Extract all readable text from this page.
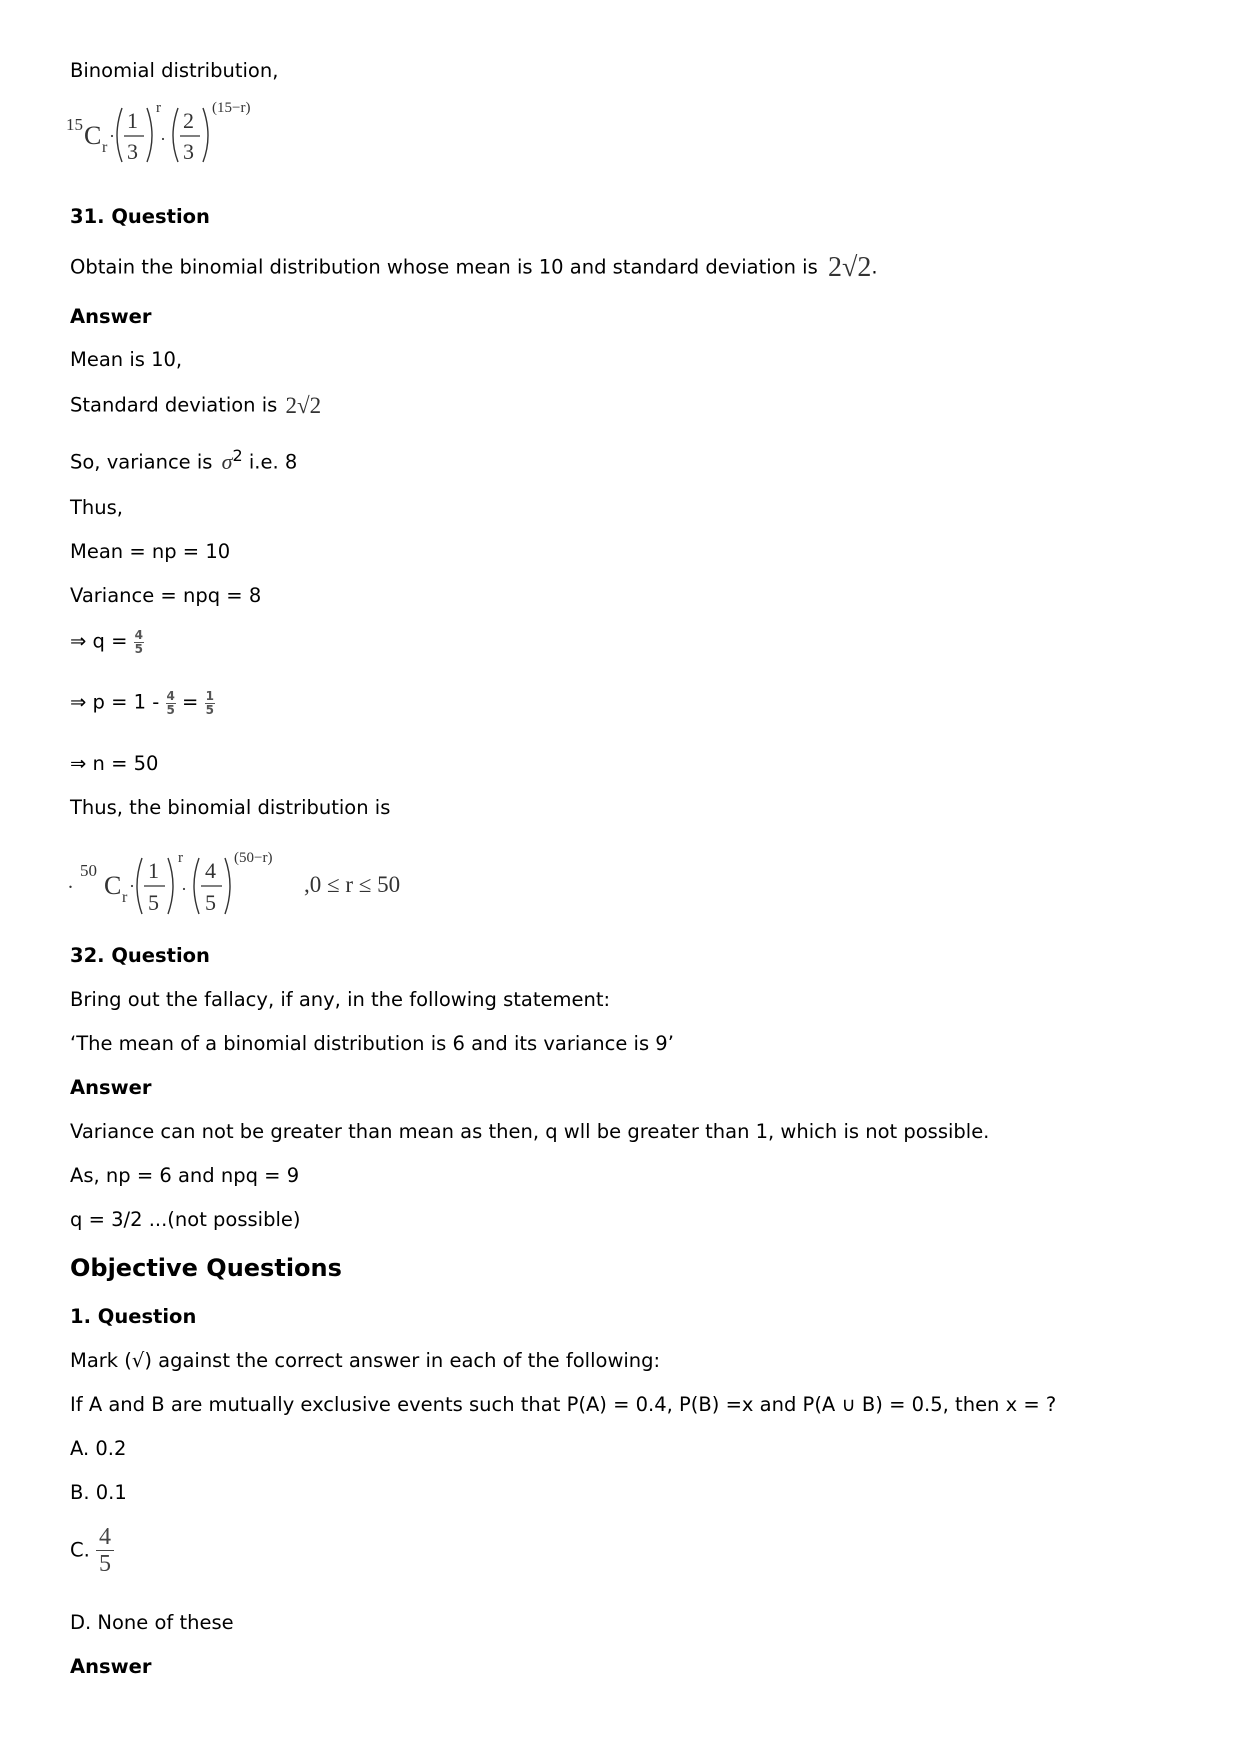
Binomial distribution,
15 C r
·
1
3
r
·
2
3
(15−r)
31. Question
Obtain the binomial distribution whose mean is 10 and standard deviation is 2√2.
Answer
Mean is 10,
Standard deviation is 2√2
So, variance is $\sigma^2$ i.e. 8
Thus,
Mean = np = 10
Variance = npq = 8
⇒ $q = \frac{4}{5}$
⇒ $p = 1 - \frac{4}{5} = \frac{1}{5}$
⇒ n = 50
Thus, the binomial distribution is
.
50
C r
·
1
5
r
·
4
5
(50−r)
,0 ≤ r ≤ 50
32. Question
Bring out the fallacy, if any, in the following statement:
‘The mean of a binomial distribution is 6 and its variance is 9’
Answer
Variance can not be greater than mean as then, q wll be greater than 1, which is not possible.
As, np = 6 and npq = 9
q = 3/2 ...(not possible)
Objective Questions
1. Question
Mark (√) against the correct answer in each of the following:
If A and B are mutually exclusive events such that P(A) = 0.4, P(B) =x and P(A ∪ B) = 0.5, then x = ?
A. 0.2
B. 0.1
C. $\frac{4}{5}$
D. None of these
Answer
